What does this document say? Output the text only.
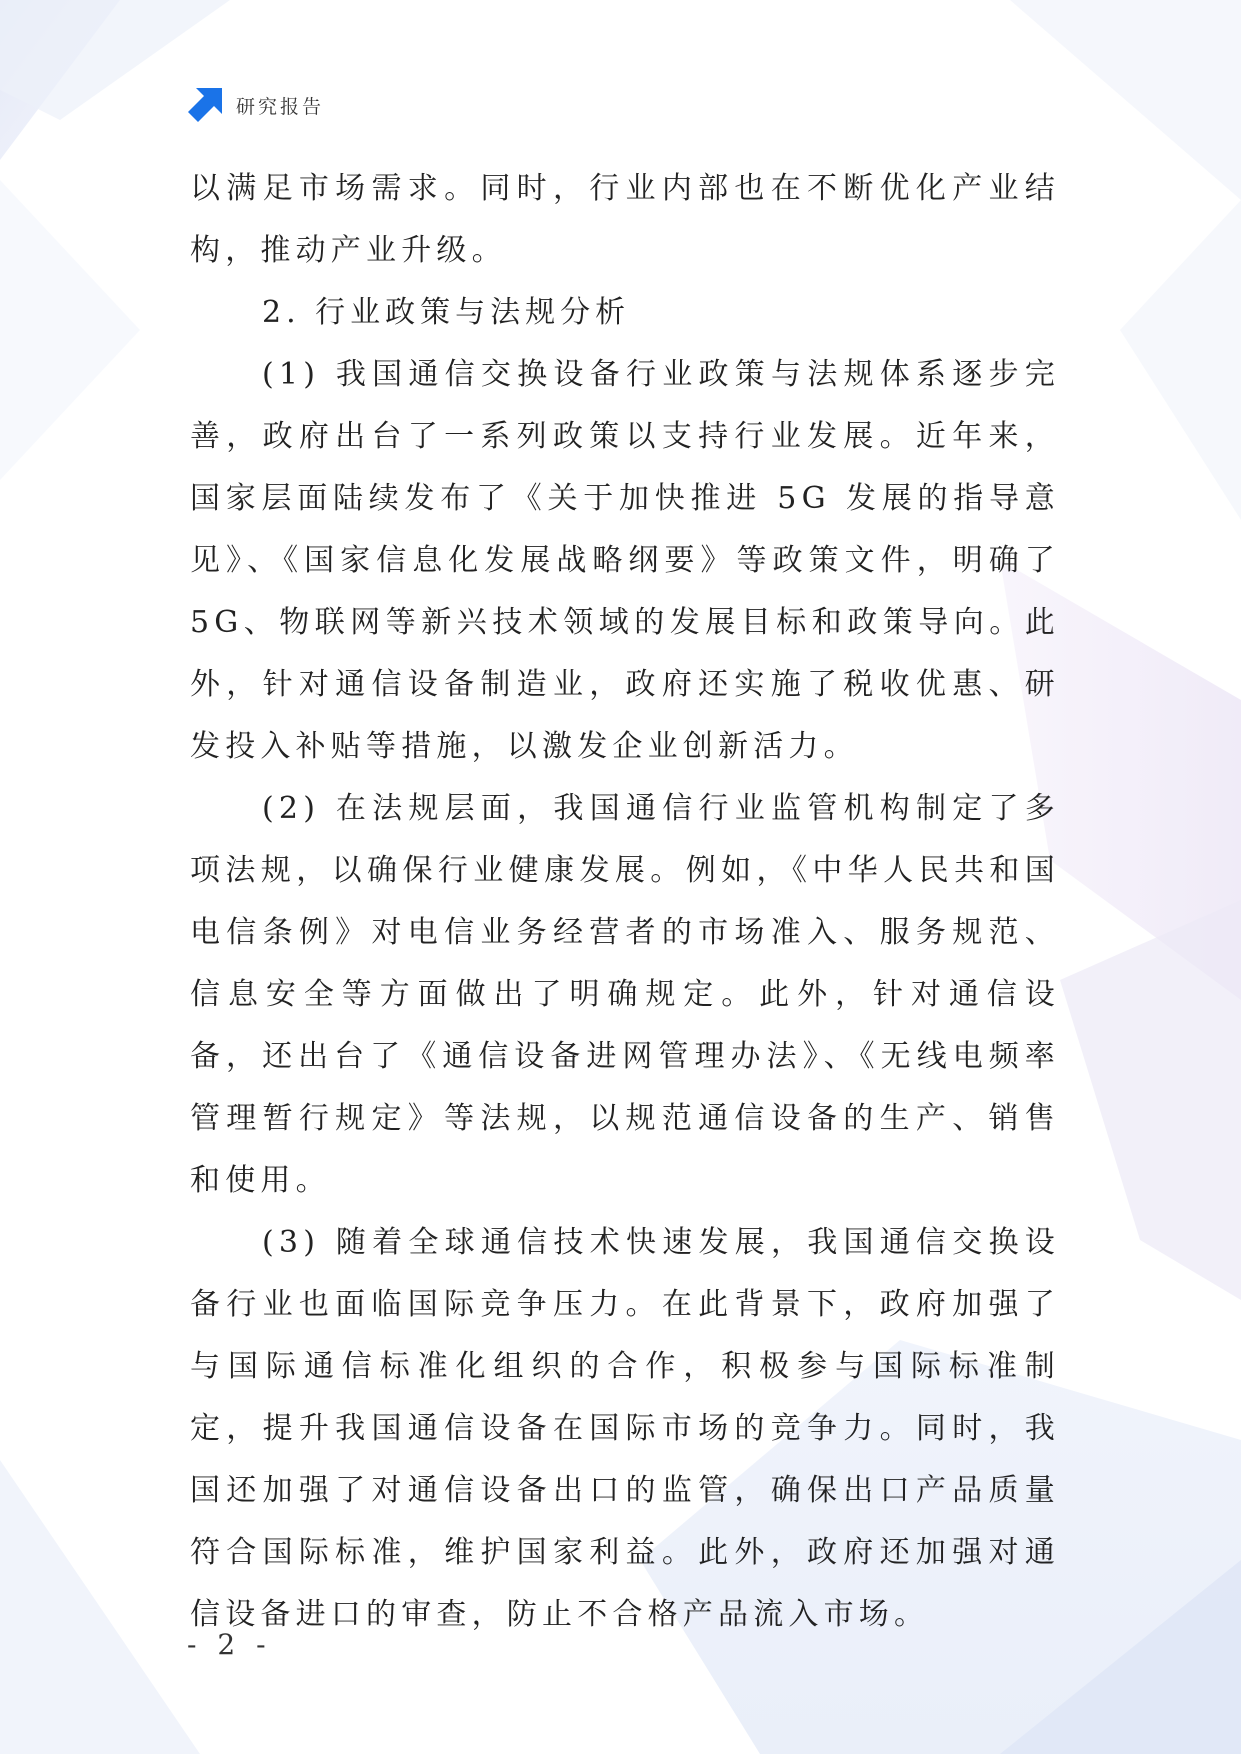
研究报告

以满足市场需求。同时，行业内部也在不断优化产业结构，推动产业升级。

2. 行业政策与法规分析

(1) 我国通信交换设备行业政策与法规体系逐步完善，政府出台了一系列政策以支持行业发展。近年来，国家层面陆续发布了《关于加快推进 5G 发展的指导意见》、《国家信息化发展战略纲要》等政策文件，明确了 5G、物联网等新兴技术领域的发展目标和政策导向。此外，针对通信设备制造业，政府还实施了税收优惠、研发投入补贴等措施，以激发企业创新活力。

(2) 在法规层面，我国通信行业监管机构制定了多项法规，以确保行业健康发展。例如，《中华人民共和国电信条例》对电信业务经营者的市场准入、服务规范、信息安全等方面做出了明确规定。此外，针对通信设备，还出台了《通信设备进网管理办法》、《无线电频率管理暂行规定》等法规，以规范通信设备的生产、销售和使用。

(3) 随着全球通信技术快速发展，我国通信交换设备行业也面临国际竞争压力。在此背景下，政府加强了与国际通信标准化组织的合作，积极参与国际标准制定，提升我国通信设备在国际市场的竞争力。同时，我国还加强了对通信设备出口的监管，确保出口产品质量符合国际标准，维护国家利益。此外，政府还加强对通信设备进口的审查，防止不合格产品流入市场。

- 2 -
